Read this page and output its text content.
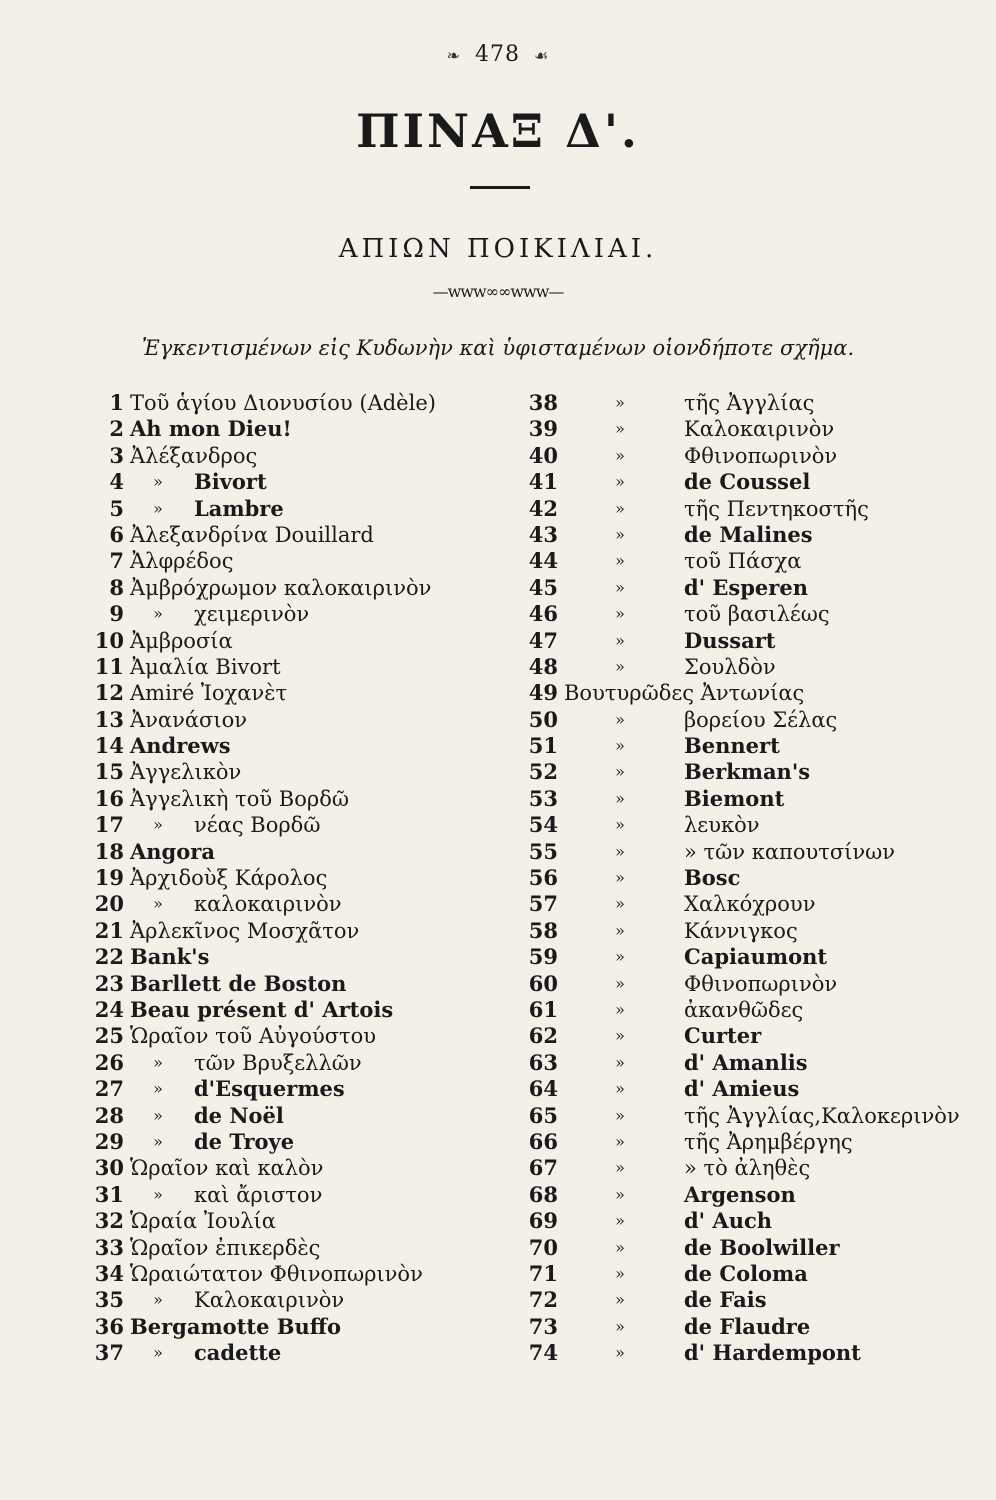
❧ 478 ☙
ΠΙΝΑΞ Δ'.
ΑΠΙΩΝ ΠΟΙΚΙΛΙΑΙ.
—www∞∞www—
Ἐγκεντισμένων εἰς Κυδωνὴν καὶ ὑφισταμένων οἱονδήποτε σχῆμα.
1 Τοῦ ἁγίου Διονυσίου (Adèle)
2 Ah mon Dieu!
3 Ἀλέξανδρος
4	»	Bivort
5	»	Lambre
6 Ἀλεξανδρίνα Douillard
7 Ἀλφρέδος
8 Ἀμβρόχρωμον καλοκαιρινὸν
9	»	χειμερινὸν
10 Ἀμβροσία
11 Ἀμαλία Bivort
12 Amiré Ἰοχανὲτ
13 Ἀνανάσιον
14 Andrews
15 Ἀγγελικὸν
16 Ἀγγελικὴ τοῦ Βορδῶ
17	»	νέας Βορδῶ
18 Angora
19 Ἀρχιδοὺξ Κάρολος
20	»	καλοκαιρινὸν
21 Ἀρλεκῖνος Μοσχᾶτον
22 Bank's
23 Barllett de Boston
24 Beau présent d' Artois
25 Ὡραῖον τοῦ Αὐγούστου
26	»	τῶν Βρυξελλῶν
27	»	d'Esquermes
28	»	de Noël
29	»	de Troye
30 Ὡραῖον καὶ καλὸν
31	»	καὶ ἄριστον
32 Ὡραία Ἰουλία
33 Ὡραῖον ἐπικερδὲς
34 Ὡραιώτατον Φθινοπωρινὸν
35	»	Καλοκαιρινὸν
36 Bergamotte Buffo
37	»	cadette
38	»	τῆς Ἀγγλίας
39	»	Καλοκαιρινὸν
40	»	Φθινοπωρινὸν
41	»	de Coussel
42	»	τῆς Πεντηκοστῆς
43	»	de Malines
44	»	τοῦ Πάσχα
45	»	d' Esperen
46	»	τοῦ βασιλέως
47	»	Dussart
48	»	Σουλδὸν
49 Βουτυρῶδες Ἀντωνίας
50	»	βορείου Σέλας
51	»	Bennert
52	»	Berkman's
53	»	Biemont
54	»	λευκὸν
55	»	» τῶν καπουτσίνων
56	»	Bosc
57	»	Χαλκόχρουν
58	»	Κάννιγκος
59	»	Capiaumont
60	»	Φθινοπωρινὸν
61	»	ἀκανθῶδες
62	»	Curter
63	»	d' Amanlis
64	»	d' Amieus
65	»	τῆς Ἀγγλίας,Καλοκερινὸν
66	»	τῆς Ἀρημβέργης
67	»	» τὸ ἀληθὲς
68	»	Argenson
69	»	d' Auch
70	»	de Boolwiller
71	»	de Coloma
72	»	de Fais
73	»	de Flaudre
74	»	d' Hardempont
